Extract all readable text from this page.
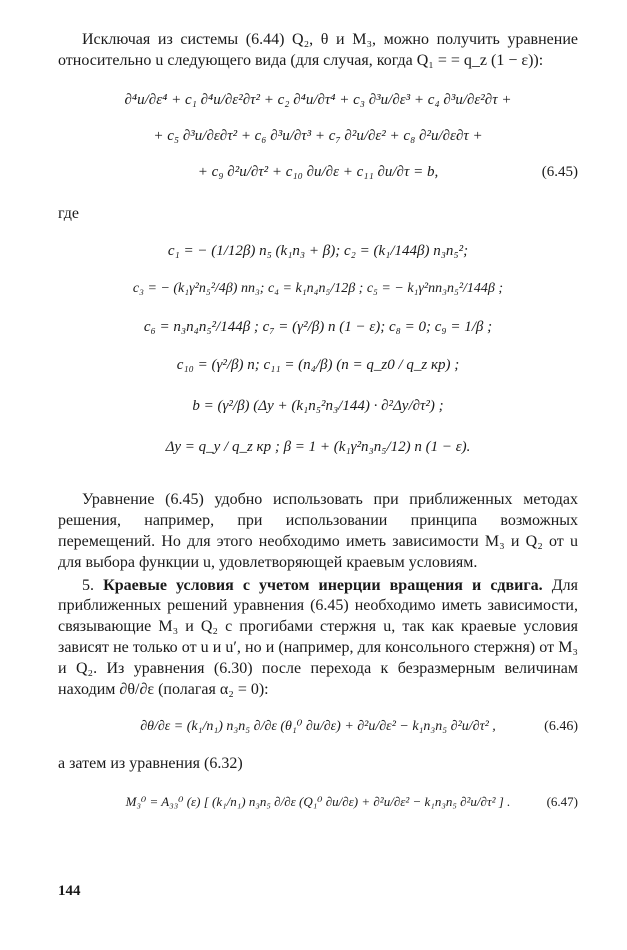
Исключая из системы (6.44) Q₂, θ и M₃, можно получить уравнение относительно u следующего вида (для случая, когда Q₁ = = q_z (1 − ε)):

∂⁴u/∂ε⁴ + c₁ ∂⁴u/∂ε²∂τ² + c₂ ∂⁴u/∂τ⁴ + c₃ ∂³u/∂ε³ + c₄ ∂³u/∂ε²∂τ +

+ c₅ ∂³u/∂ε∂τ² + c₆ ∂³u/∂τ³ + c₇ ∂²u/∂ε² + c₈ ∂²u/∂ε∂τ +

+ c₉ ∂²u/∂τ² + c₁₀ ∂u/∂ε + c₁₁ ∂u/∂τ = b,	(6.45)

где

c₁ = − (1/12β) n₅ (k₁n₃ + β); c₂ = (k₁/144β) n₃n₅²;

c₃ = − (k₁γ²n₅²/4β) nn₃; c₄ = k₁n₄n₅/12β ; c₅ = − k₁γ²nn₃n₅²/144β ;

c₆ = n₃n₄n₅²/144β ; c₇ = (γ²/β) n (1 − ε); c₈ = 0; c₉ = 1/β ;

c₁₀ = (γ²/β) n; c₁₁ = (n₄/β) (n = q_z0 / q_z кр) ;

b = (γ²/β) (Δy + (k₁n₅²n₃/144) · ∂²Δy/∂τ²) ;

Δy = q_y / q_z кр ; β = 1 + (k₁γ²n₃n₅/12) n (1 − ε).

Уравнение (6.45) удобно использовать при приближенных методах решения, например, при использовании принципа возможных перемещений. Но для этого необходимо иметь зависимости M₃ и Q₂ от u для выбора функции u, удовлетворяющей краевым условиям.

5. Краевые условия с учетом инерции вращения и сдвига. Для приближенных решений уравнения (6.45) необходимо иметь зависимости, связывающие M₃ и Q₂ с прогибами стержня u, так как краевые условия зависят не только от u и u′, но и (например, для консольного стержня) от M₃ и Q₂. Из уравнения (6.30) после перехода к безразмерным величинам находим ∂θ/∂ε (полагая α₂ = 0):

∂θ/∂ε = (k₁/n₁) n₃n₅ ∂/∂ε (θ₁⁰ ∂u/∂ε) + ∂²u/∂ε² − k₁n₃n₅ ∂²u/∂τ² ,	(6.46)

а затем из уравнения (6.32)

M₃⁰ = A₃₃⁰ (ε) [ (k₁/n₁) n₃n₅ ∂/∂ε (Q₁⁰ ∂u/∂ε) + ∂²u/∂ε² − k₁n₃n₅ ∂²u/∂τ² ] .	(6.47)

144
